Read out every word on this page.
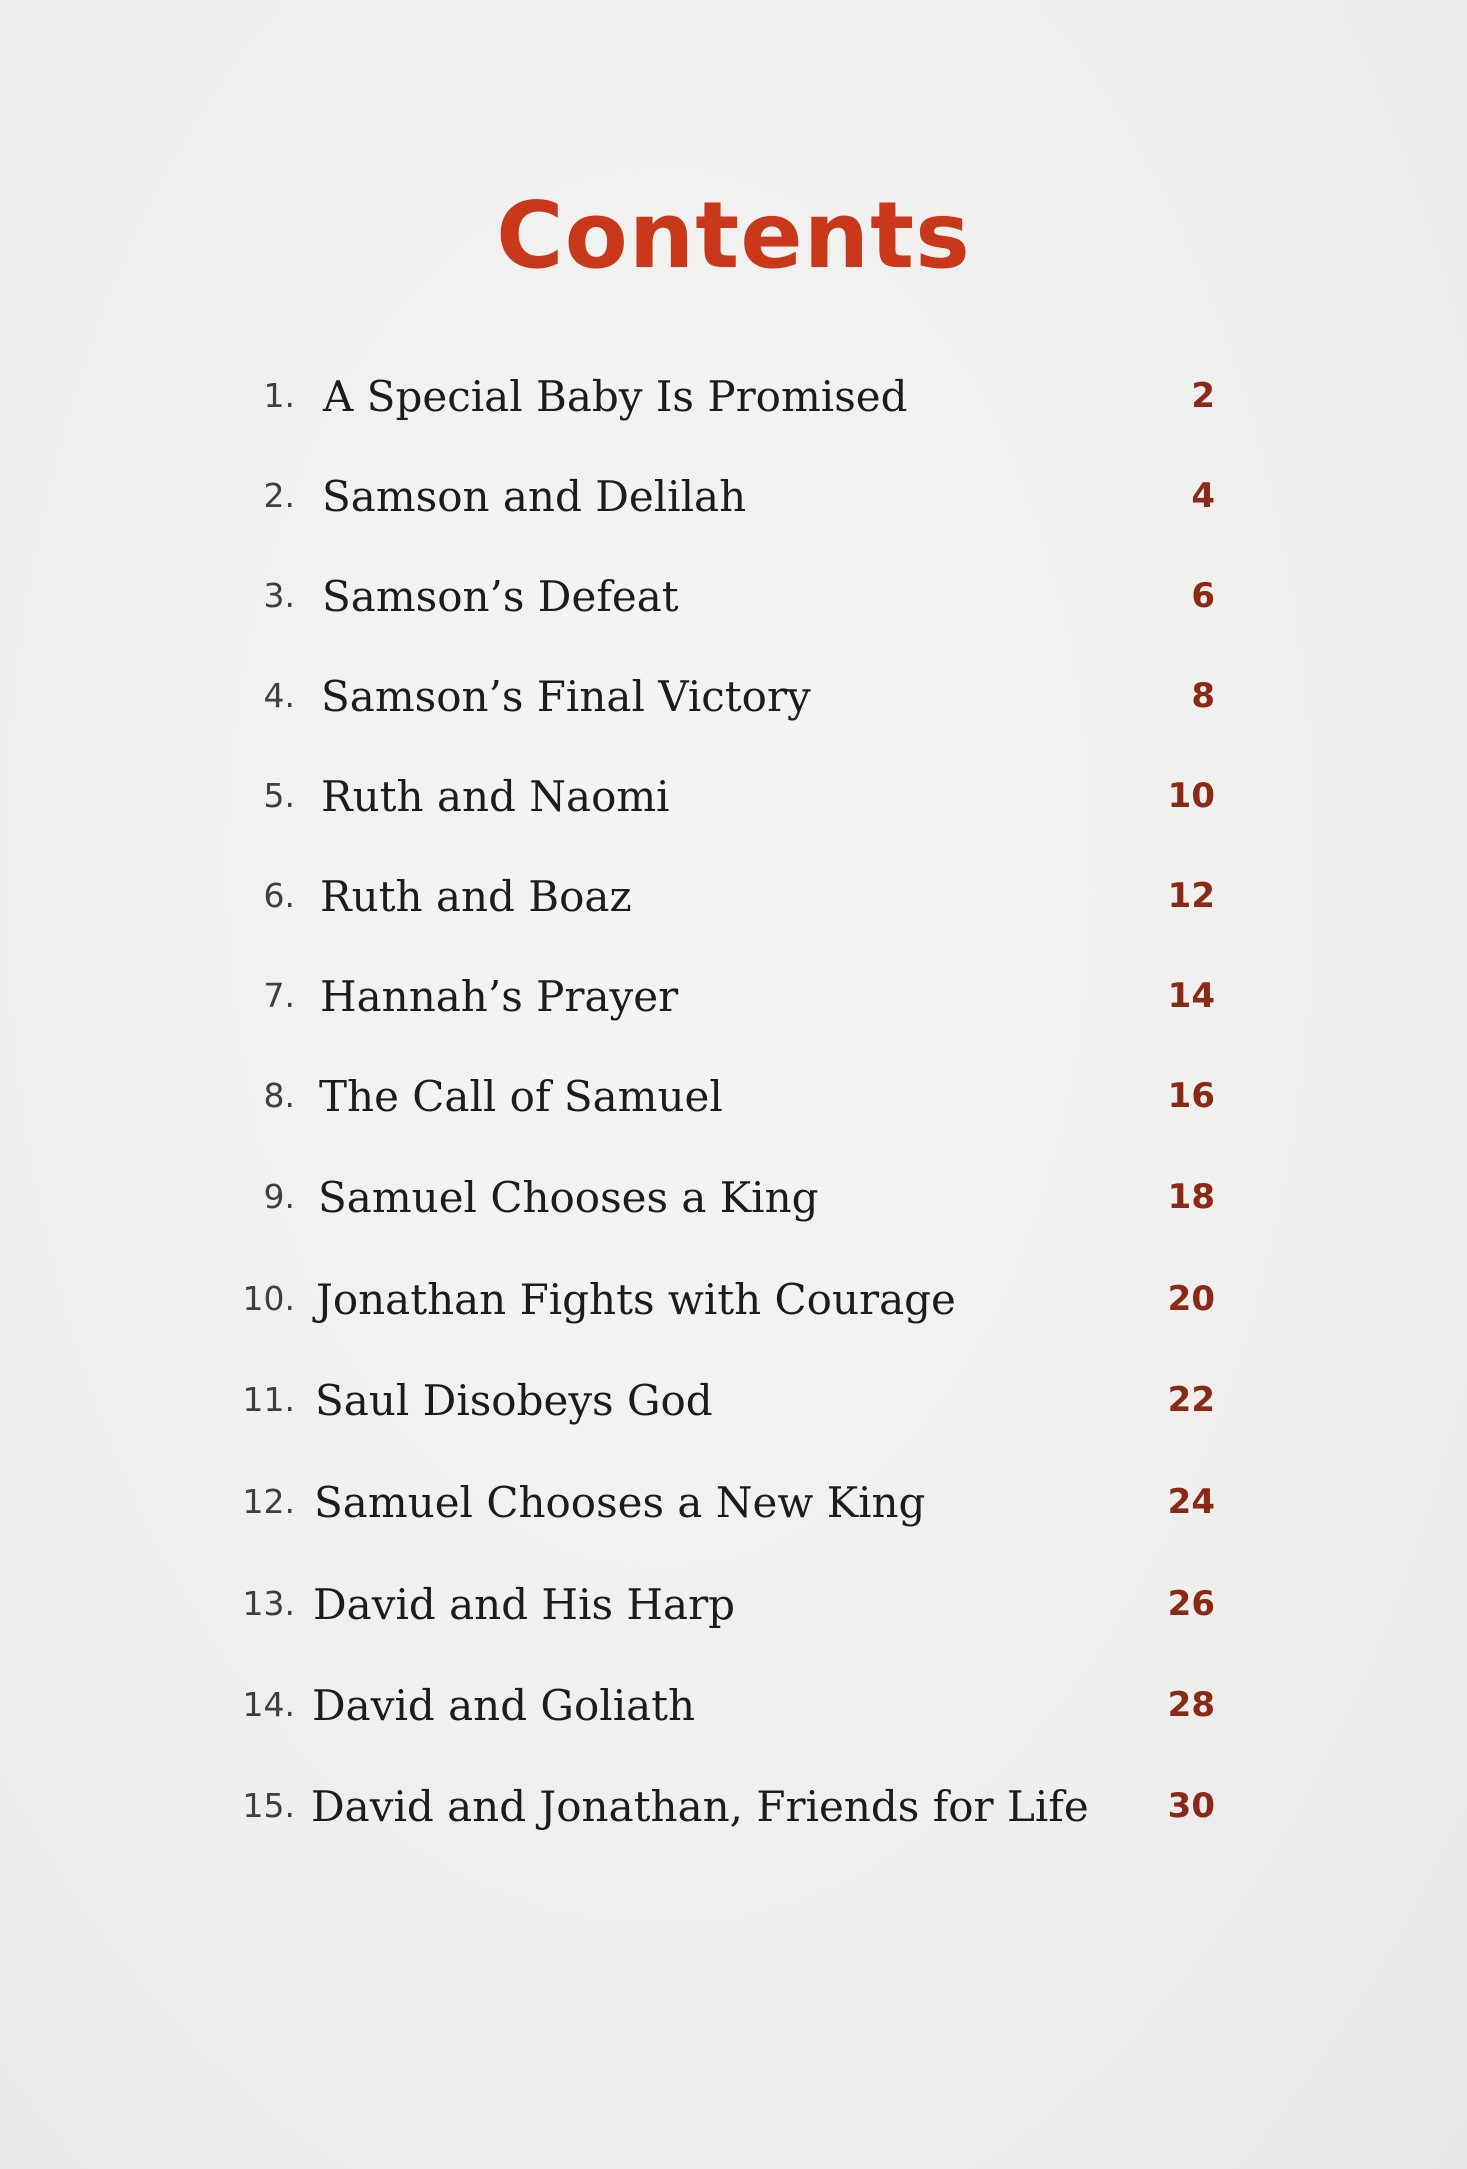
Contents
1. A Special Baby Is Promised	2
2. Samson and Delilah	4
3. Samson’s Defeat	6
4. Samson’s Final Victory	8
5. Ruth and Naomi	10
6. Ruth and Boaz	12
7. Hannah’s Prayer	14
8. The Call of Samuel	16
9. Samuel Chooses a King	18
10. Jonathan Fights with Courage	20
11. Saul Disobeys God	22
12. Samuel Chooses a New King	24
13. David and His Harp	26
14. David and Goliath	28
15. David and Jonathan, Friends for Life 30
